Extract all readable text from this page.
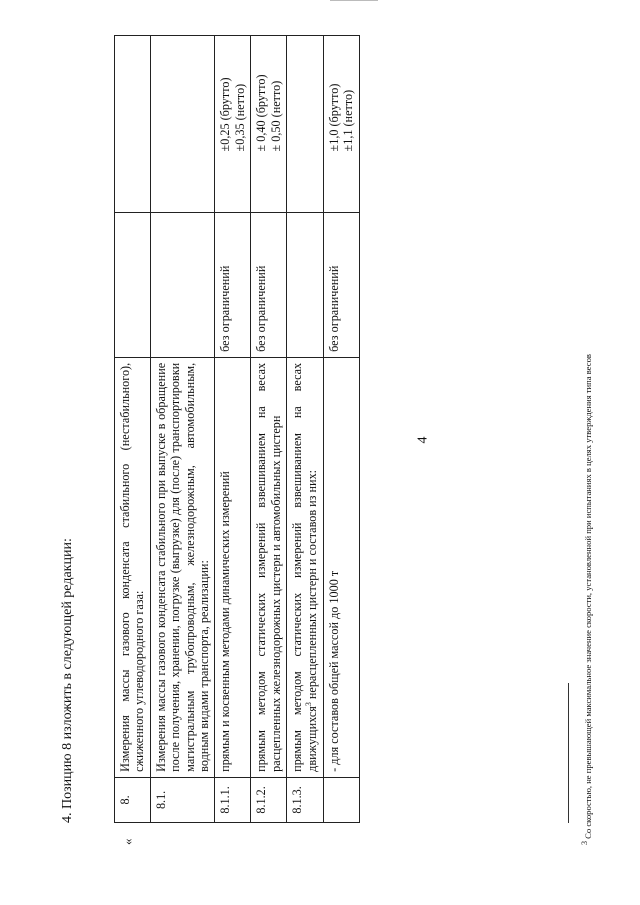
4
4. Позицию 8 изложить в следующей редакции:
«
8.	Измерения массы газового конденсата стабильного (нестабильного), сжиженного углеводородного газа:		

8.1.	Измерения массы газового конденсата стабильного при выпуске в обращение после получения, хранении, погрузке (выгрузке) для (после) транспортировки магистральным трубопроводным, железнодорожным, автомобильным, водным видами транспорта, реализации:		

8.1.1.	прямым и косвенным методами динамических измерений	без ограничений	±0,25 (брутто) ±0,35 (нетто)

8.1.2.	прямым методом статических измерений взвешиванием на весах расцепленных железнодорожных цистерн и автомобильных цистерн	без ограничений	± 0,40 (брутто) ± 0,50 (нетто)

8.1.3.	прямым методом статических измерений взвешиванием на весах движущихся$^3$ нерасцепленных цистерн и составов из них:		

	- для составов общей массой до 1000 т	без ограничений	±1,0 (брутто) ±1,1 (нетто)
$^3$ Со скоростью, не превышающей максимальное значение скорости, установленной при испытаниях в целях утверждения типа весов
